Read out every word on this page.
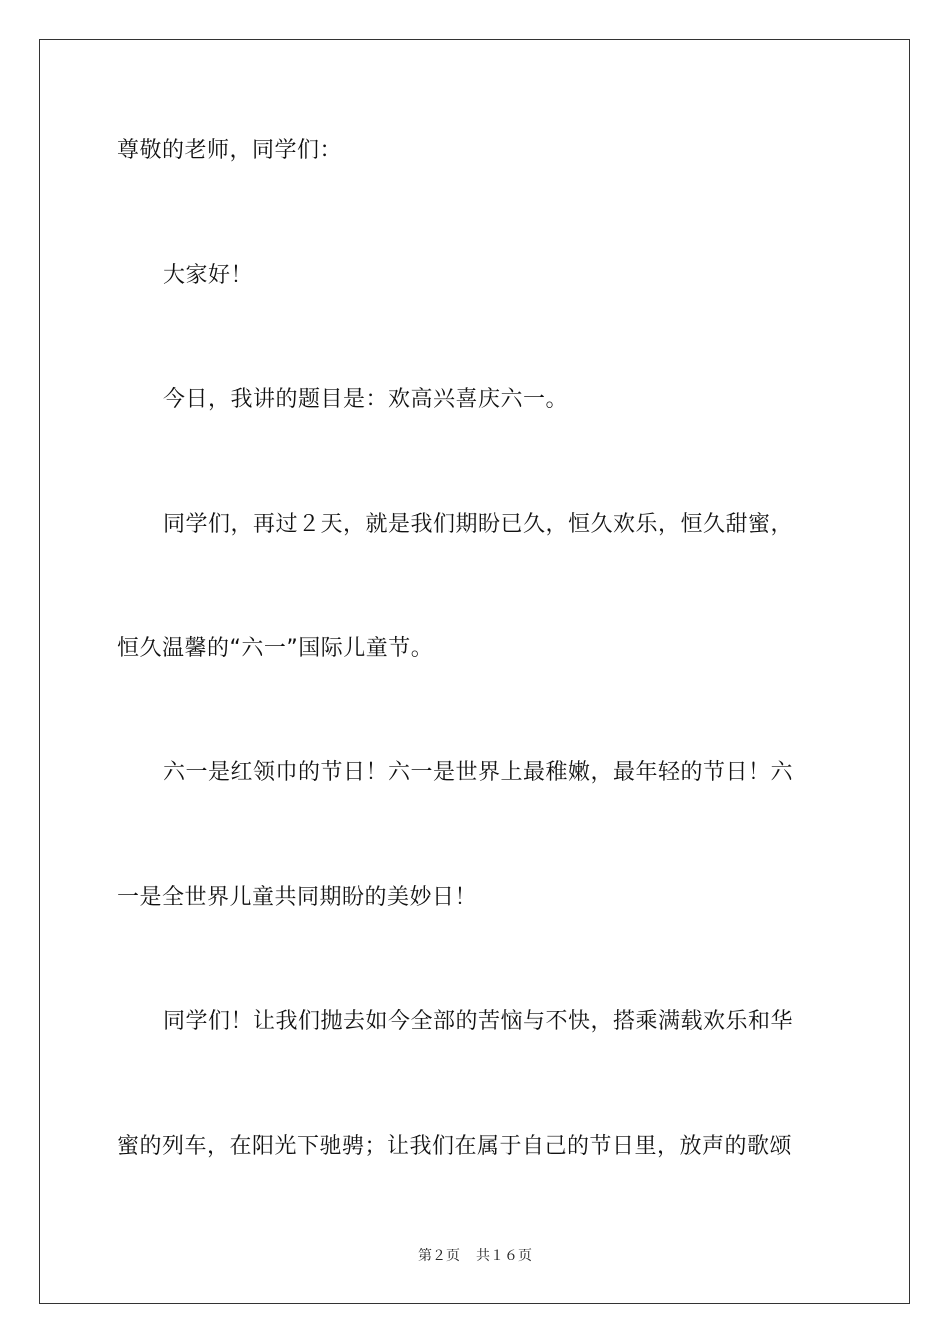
尊敬的老师，同学们：
大家好！
今日，我讲的题目是：欢高兴喜庆六一。
同学们，再过２天，就是我们期盼已久，恒久欢乐，恒久甜蜜，
恒久温馨的“六一”国际儿童节。
六一是红领巾的节日！六一是世界上最稚嫩，最年轻的节日！六
一是全世界儿童共同期盼的美妙日！
同学们！让我们抛去如今全部的苦恼与不快，搭乘满载欢乐和华
蜜的列车，在阳光下驰骋；让我们在属于自己的节日里，放声的歌颂
第２页 共１６页
